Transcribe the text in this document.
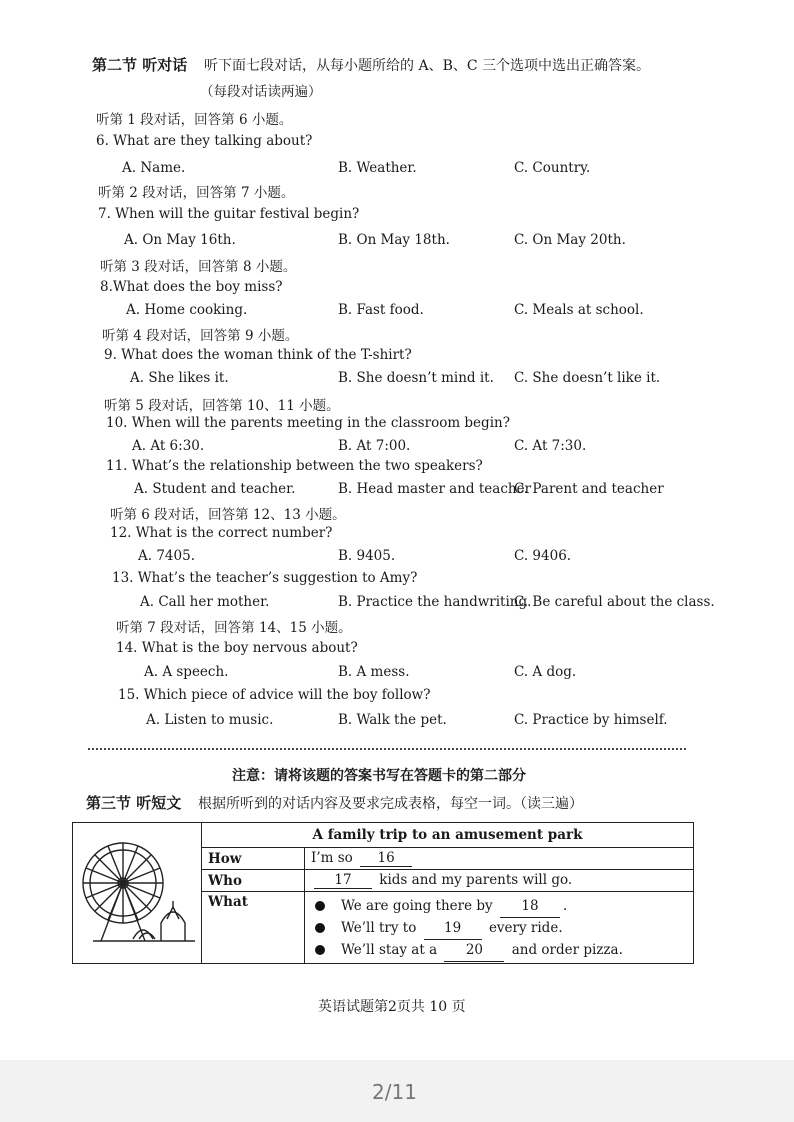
第二节 听对话 听下面七段对话，从每小题所给的 A、B、C 三个选项中选出正确答案。
（每段对话读两遍）
听第 1 段对话，回答第 6 小题。
6. What are they talking about?
A. Name.	B. Weather.	C. Country.
听第 2 段对话，回答第 7 小题。
7. When will the guitar festival begin?
A. On May 16th.	B. On May 18th.	C. On May 20th.
听第 3 段对话，回答第 8 小题。
8.What does the boy miss?
A. Home cooking.	B. Fast food.	C. Meals at school.
听第 4 段对话，回答第 9 小题。
9. What does the woman think of the T-shirt?
A. She likes it.	B. She doesn’t mind it. C. She doesn’t like it.
听第 5 段对话，回答第 10、11 小题。
10. When will the parents meeting in the classroom begin?
A. At 6:30.	B. At 7:00.	C. At 7:30.
11. What’s the relationship between the two speakers?
A. Student and teacher.	B. Head master and teacher
C. Parent and teacher
听第 6 段对话，回答第 12、13 小题。
12. What is the correct number?
A. 7405.	B. 9405.	C. 9406.
13. What’s the teacher’s suggestion to Amy?
A. Call her mother.	B. Practice the handwriting.
C. Be careful about the class.
听第 7 段对话，回答第 14、15 小题。
14. What is the boy nervous about?
A. A speech.	B. A mess.	C. A dog.
15. Which piece of advice will the boy follow?
A. Listen to music.	B. Walk the pet.	C. Practice by himself.
注意：请将该题的答案书写在答题卡的第二部分
第三节 听短文 根据所听到的对话内容及要求完成表格，每空一词。（读三遍）
	A family trip to an amusement park	
	How	I’m so 16
	Who	17 kids and my parents will go.
	What	We are going there by 18 .
We’ll try to 19 every ride.
We’ll stay at a 20 and order pizza.
英语试题第2页共 10 页
2/11
